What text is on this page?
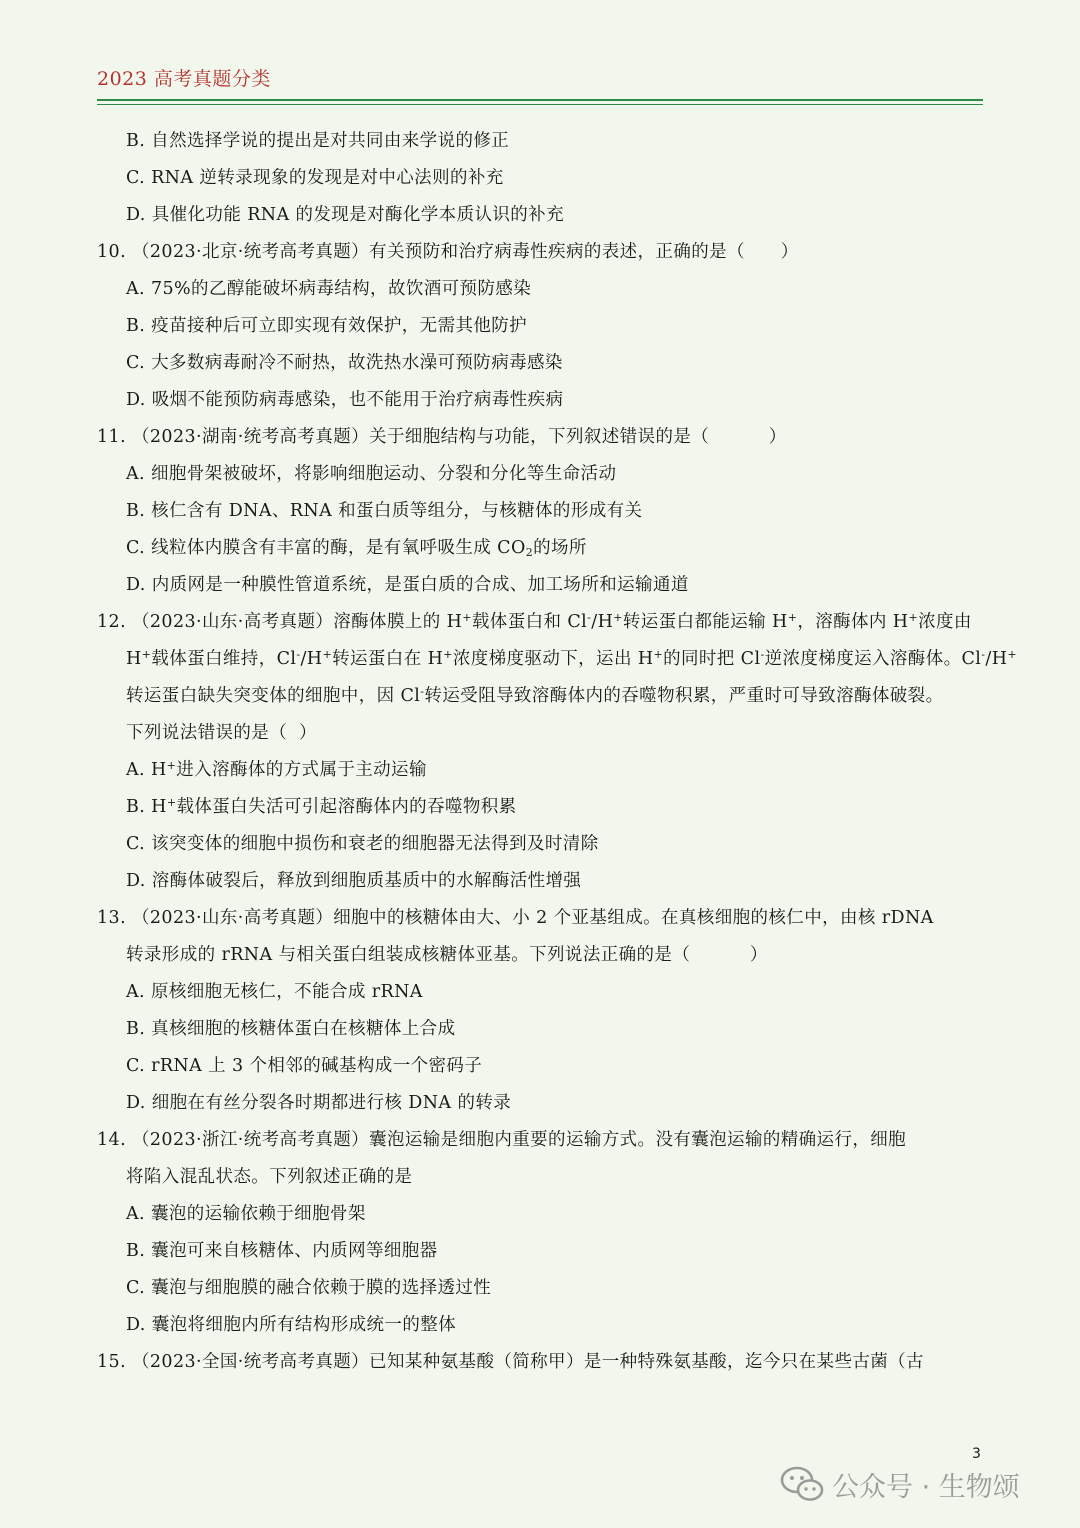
2023 高考真题分类
B. 自然选择学说的提出是对共同由来学说的修正
C. RNA 逆转录现象的发现是对中心法则的补充
D. 具催化功能 RNA 的发现是对酶化学本质认识的补充
10. （2023·北京·统考高考真题）有关预防和治疗病毒性疾病的表述，正确的是（      ）
A. 75%的乙醇能破坏病毒结构，故饮酒可预防感染
B. 疫苗接种后可立即实现有效保护，无需其他防护
C. 大多数病毒耐冷不耐热，故洗热水澡可预防病毒感染
D. 吸烟不能预防病毒感染，也不能用于治疗病毒性疾病
11. （2023·湖南·统考高考真题）关于细胞结构与功能，下列叙述错误的是（          ）
A. 细胞骨架被破坏，将影响细胞运动、分裂和分化等生命活动
B. 核仁含有 DNA、RNA 和蛋白质等组分，与核糖体的形成有关
C. 线粒体内膜含有丰富的酶，是有氧呼吸生成 $CO_2$的场所
D. 内质网是一种膜性管道系统，是蛋白质的合成、加工场所和运输通道
12. （2023·山东·高考真题）溶酶体膜上的 H+载体蛋白和 Cl-/H+转运蛋白都能运输 H+，溶酶体内 H+浓度由
H+载体蛋白维持，Cl-/H+转运蛋白在 H+浓度梯度驱动下，运出 H+的同时把 Cl-逆浓度梯度运入溶酶体。Cl-/H+
转运蛋白缺失突变体的细胞中，因 Cl-转运受阻导致溶酶体内的吞噬物积累，严重时可导致溶酶体破裂。
下列说法错误的是（  ）
A. H+进入溶酶体的方式属于主动运输
B. H+载体蛋白失活可引起溶酶体内的吞噬物积累
C. 该突变体的细胞中损伤和衰老的细胞器无法得到及时清除
D. 溶酶体破裂后，释放到细胞质基质中的水解酶活性增强
13. （2023·山东·高考真题）细胞中的核糖体由大、小 2 个亚基组成。在真核细胞的核仁中，由核 rDNA
转录形成的 rRNA 与相关蛋白组装成核糖体亚基。下列说法正确的是（          ）
A. 原核细胞无核仁，不能合成 rRNA
B. 真核细胞的核糖体蛋白在核糖体上合成
C. rRNA 上 3 个相邻的碱基构成一个密码子
D. 细胞在有丝分裂各时期都进行核 DNA 的转录
14. （2023·浙江·统考高考真题）囊泡运输是细胞内重要的运输方式。没有囊泡运输的精确运行，细胞
将陷入混乱状态。下列叙述正确的是
A. 囊泡的运输依赖于细胞骨架
B. 囊泡可来自核糖体、内质网等细胞器
C. 囊泡与细胞膜的融合依赖于膜的选择透过性
D. 囊泡将细胞内所有结构形成统一的整体
15. （2023·全国·统考高考真题）已知某种氨基酸（简称甲）是一种特殊氨基酸，迄今只在某些古菌（古
3
公众号 · 生物颂
